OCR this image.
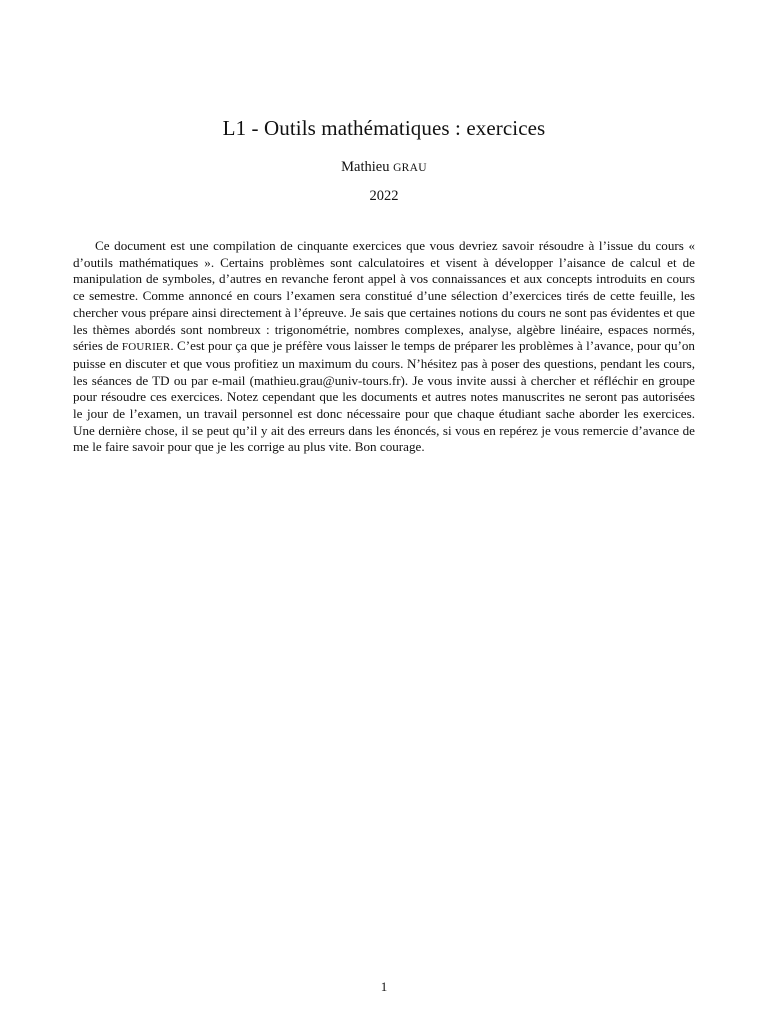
L1 - Outils mathématiques : exercices
Mathieu GRAU
2022

Ce document est une compilation de cinquante exercices que vous devriez savoir résoudre à l’issue du cours « d’outils mathématiques ». Certains problèmes sont calculatoires et visent à développer l’aisance de calcul et de manipulation de symboles, d’autres en revanche feront appel à vos connaissances et aux concepts introduits en cours ce semestre. Comme annoncé en cours l’examen sera constitué d’une sélection d’exercices tirés de cette feuille, les chercher vous prépare ainsi directement à l’épreuve. Je sais que certaines notions du cours ne sont pas évidentes et que les thèmes abordés sont nombreux : trigonométrie, nombres complexes, analyse, algèbre linéaire, espaces normés, séries de FOURIER. C’est pour ça que je préfère vous laisser le temps de préparer les problèmes à l’avance, pour qu’on puisse en discuter et que vous profitiez un maximum du cours. N’hésitez pas à poser des questions, pendant les cours, les séances de TD ou par e-mail (mathieu.grau@univ-tours.fr). Je vous invite aussi à chercher et réfléchir en groupe pour résoudre ces exercices. Notez cependant que les documents et autres notes manuscrites ne seront pas autorisées le jour de l’examen, un travail personnel est donc nécessaire pour que chaque étudiant sache aborder les exercices. Une dernière chose, il se peut qu’il y ait des erreurs dans les énoncés, si vous en repérez je vous remercie d’avance de me le faire savoir pour que je les corrige au plus vite. Bon courage.

1
